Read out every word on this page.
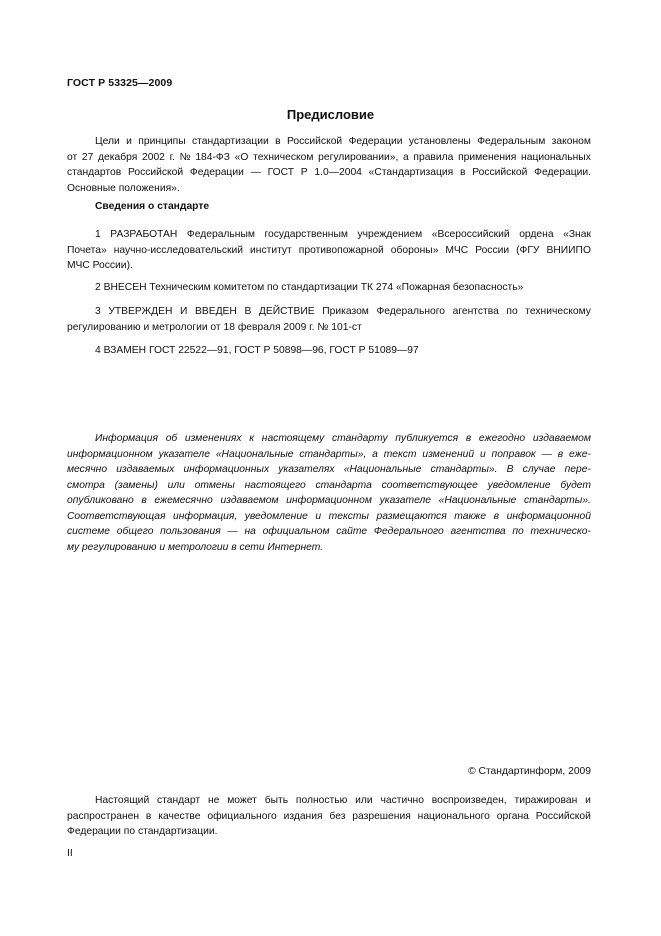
ГОСТ Р 53325—2009
Предисловие
Цели и принципы стандартизации в Российской Федерации установлены Федеральным законом
от 27 декабря 2002 г. № 184-ФЗ «О техническом регулировании», а правила применения национальных
стандартов Российской Федерации — ГОСТ Р 1.0—2004 «Стандартизация в Российской Федерации.
Основные положения».
Сведения о стандарте
1 РАЗРАБОТАН Федеральным государственным учреждением «Всероссийский ордена «Знак
Почета» научно-исследовательский институт противопожарной обороны» МЧС России (ФГУ ВНИИПО
МЧС России).
2 ВНЕСЕН Техническим комитетом по стандартизации ТК 274 «Пожарная безопасность»
3 УТВЕРЖДЕН И ВВЕДЕН В ДЕЙСТВИЕ Приказом Федерального агентства по техническому
регулированию и метрологии от 18 февраля 2009 г. № 101-ст
4 ВЗАМЕН ГОСТ 22522—91, ГОСТ Р 50898—96, ГОСТ Р 51089—97
Информация об изменениях к настоящему стандарту публикуется в ежегодно издаваемом
информационном указателе «Национальные стандарты», а текст изменений и поправок — в еже-
месячно издаваемых информационных указателях «Национальные стандарты». В случае пере-
смотра (замены) или отмены настоящего стандарта соответствующее уведомление будет
опубликовано в ежемесячно издаваемом информационном указателе «Национальные стандарты».
Соответствующая информация, уведомление и тексты размещаются также в информационной
системе общего пользования — на официальном сайте Федерального агентства по техническо-
му регулированию и метрологии в сети Интернет.
© Стандартинформ, 2009
Настоящий стандарт не может быть полностью или частично воспроизведен, тиражирован и
распространен в качестве официального издания без разрешения национального органа Российской
Федерации по стандартизации.
II
